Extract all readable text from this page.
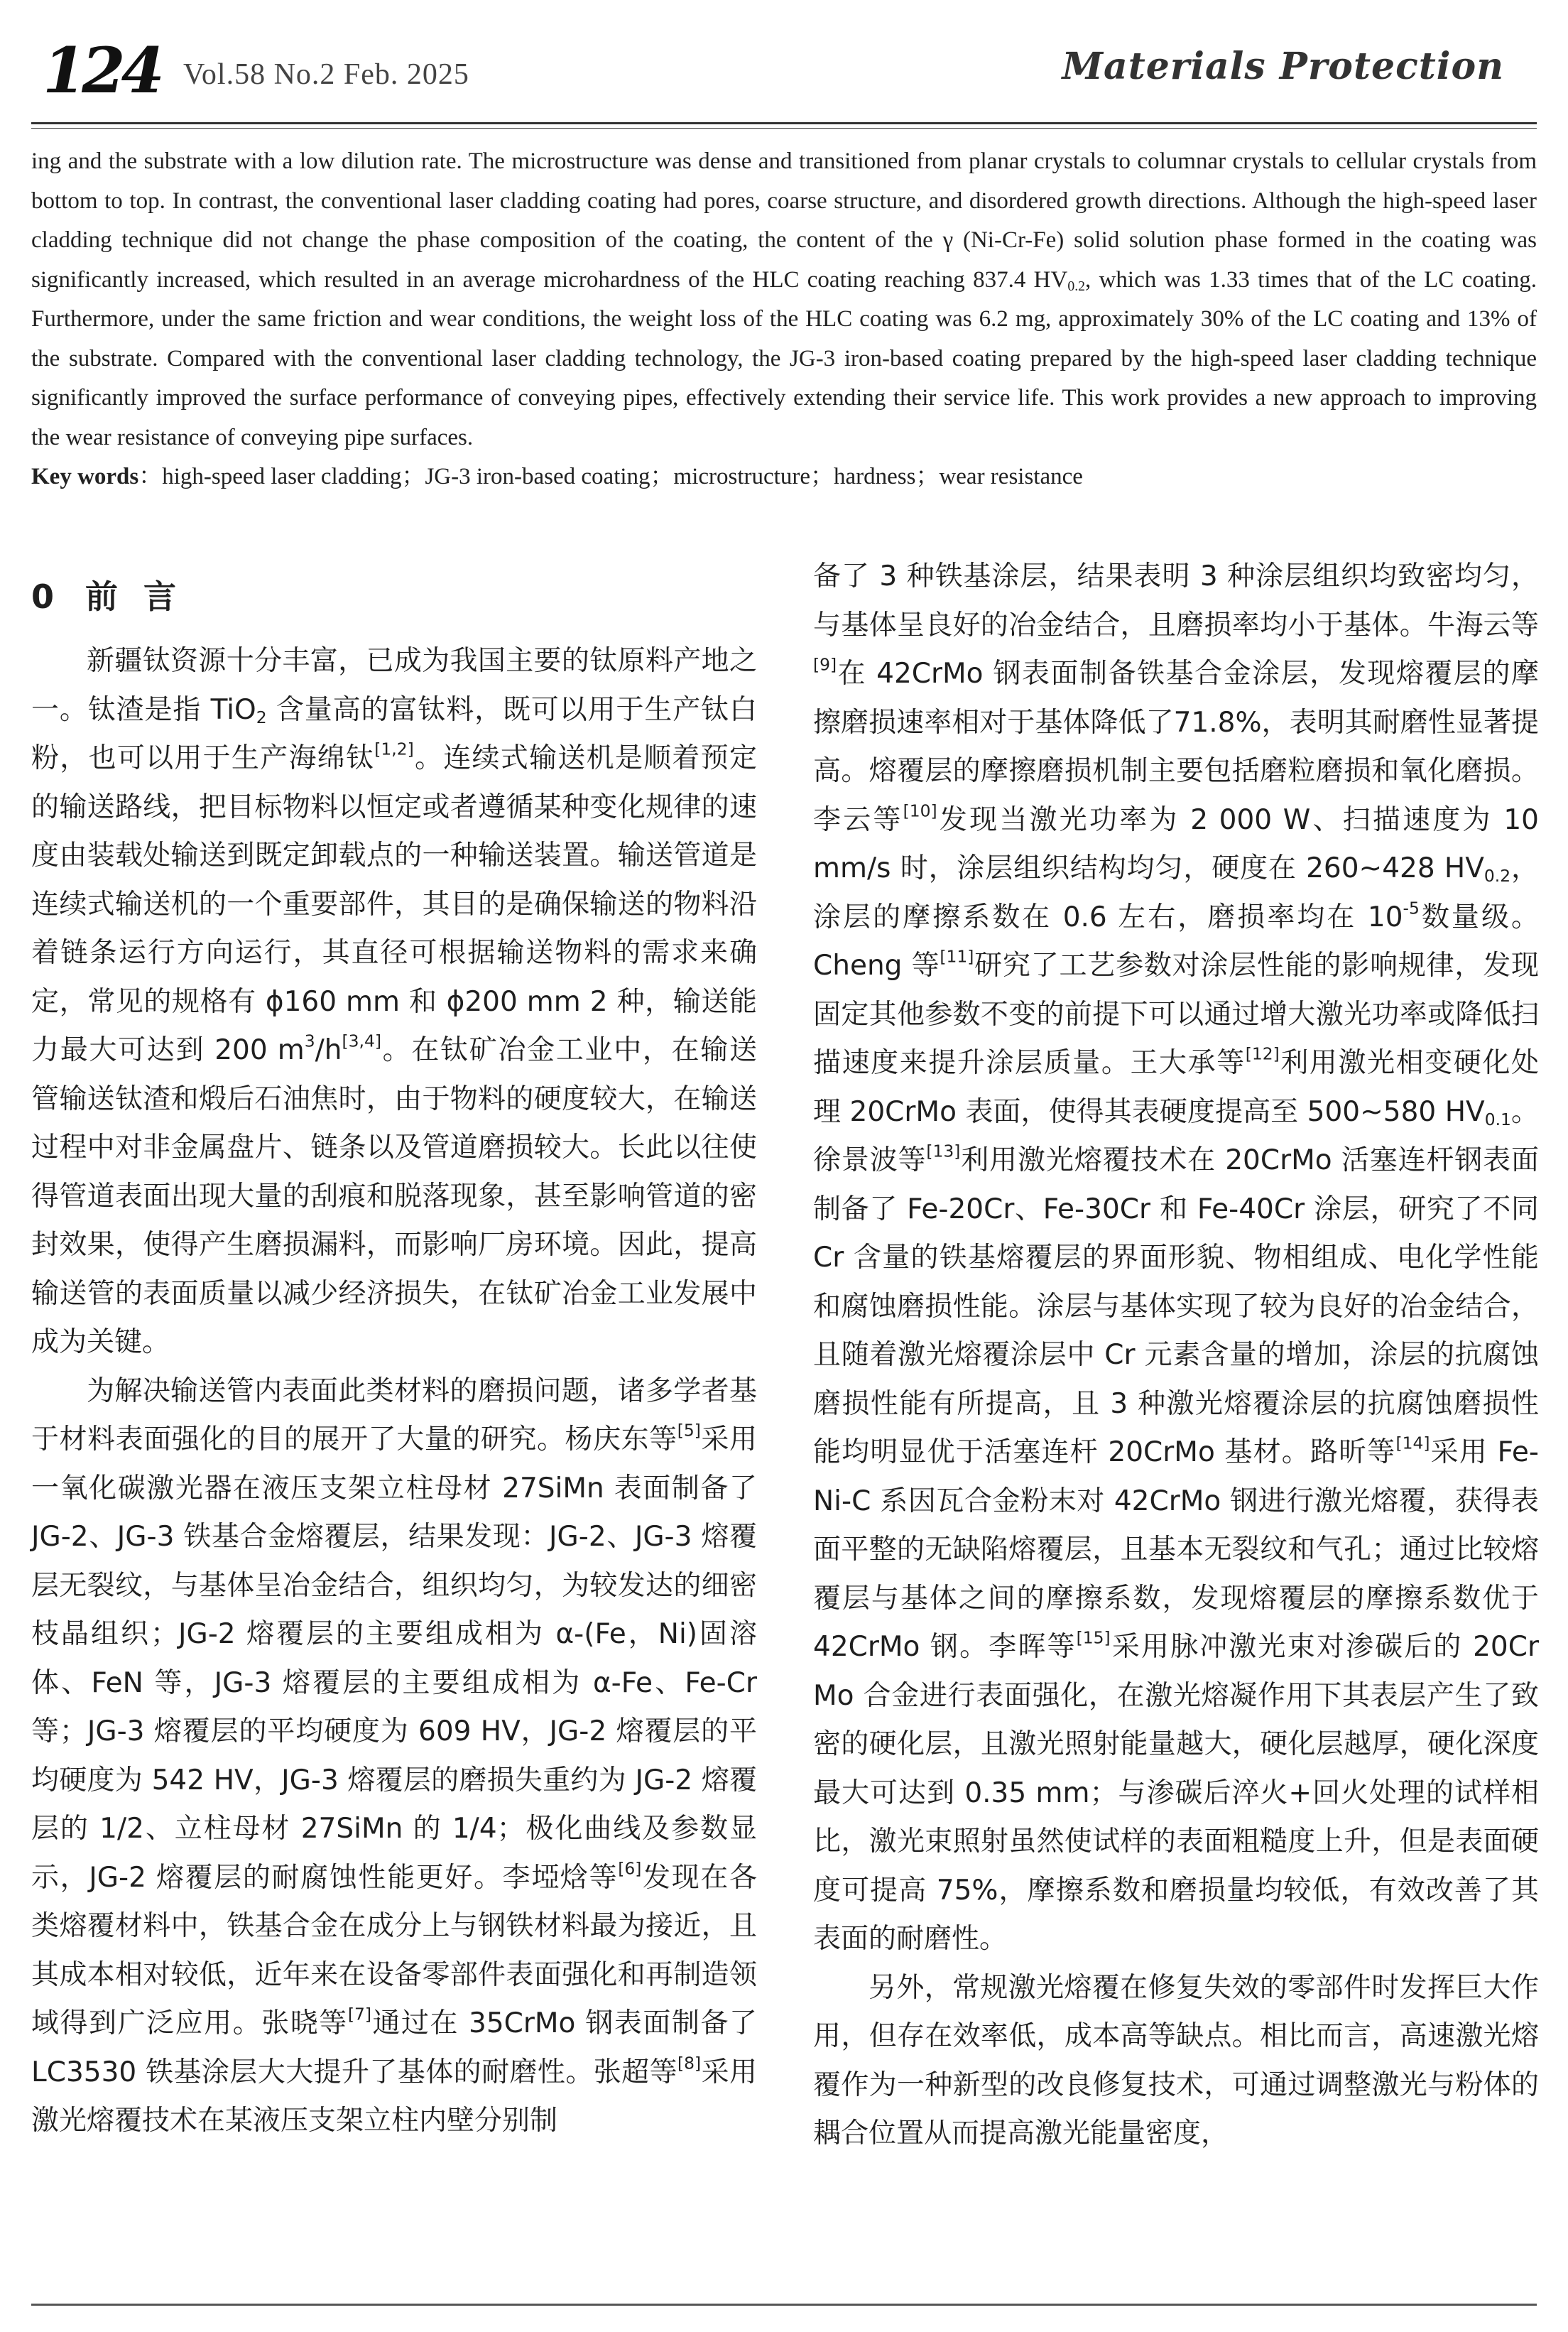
124 Vol.58 No.2 Feb. 2025	Materials Protection

ing and the substrate with a low dilution rate. The microstructure was dense and transitioned from planar crystals to columnar crystals to cellular crystals from bottom to top. In contrast, the conventional laser cladding coating had pores, coarse structure, and disordered growth directions. Although the high-speed laser cladding technique did not change the phase composition of the coating, the content of the γ (Ni-Cr-Fe) solid solution phase formed in the coating was significantly increased, which resulted in an average microhardness of the HLC coating reaching 837.4 $HV_{0.2}$, which was 1.33 times that of the LC coating. Furthermore, under the same friction and wear conditions, the weight loss of the HLC coating was 6.2 mg, approximately 30% of the LC coating and 13% of the substrate. Compared with the conventional laser cladding technology, the JG-3 iron-based coating prepared by the high-speed laser cladding technique significantly improved the surface performance of conveying pipes, effectively extending their service life. This work provides a new approach to improving the wear resistance of conveying pipe surfaces.

Key words：high-speed laser cladding；JG-3 iron-based coating；microstructure；hardness；wear resistance

0 前 言

新疆钛资源十分丰富，已成为我国主要的钛原料产地之一。钛渣是指 TiO$_2$ 含量高的富钛料，既可以用于生产钛白粉，也可以用于生产海绵钛[1,2]。连续式输送机是顺着预定的输送路线，把目标物料以恒定或者遵循某种变化规律的速度由装载处输送到既定卸载点的一种输送装置。输送管道是连续式输送机的一个重要部件，其目的是确保输送的物料沿着链条运行方向运行，其直径可根据输送物料的需求来确定，常见的规格有 ϕ160 mm 和 ϕ200 mm 2 种，输送能力最大可达到 200 $m^3/h[3,4]$。在钛矿冶金工业中，在输送管输送钛渣和煅后石油焦时，由于物料的硬度较大，在输送过程中对非金属盘片、链条以及管道磨损较大。长此以往使得管道表面出现大量的刮痕和脱落现象，甚至影响管道的密封效果，使得产生磨损漏料，而影响厂房环境。因此，提高输送管的表面质量以减少经济损失，在钛矿冶金工业发展中成为关键。

为解决输送管内表面此类材料的磨损问题，诸多学者基于材料表面强化的目的展开了大量的研究。杨庆东等[5]采用一氧化碳激光器在液压支架立柱母材 27SiMn 表面制备了 JG-2、JG-3 铁基合金熔覆层，结果发现：JG-2、JG-3 熔覆层无裂纹，与基体呈冶金结合，组织均匀，为较发达的细密枝晶组织；JG-2 熔覆层的主要组成相为 α-(Fe，Ni)固溶体、FeN 等，JG-3 熔覆层的主要组成相为 α-Fe、Fe-Cr 等；JG-3 熔覆层的平均硬度为 609 HV，JG-2 熔覆层的平均硬度为 542 HV，JG-3 熔覆层的磨损失重约为 JG-2 熔覆层的 1/2、立柱母材 27SiMn 的 1/4；极化曲线及参数显示，JG-2 熔覆层的耐腐蚀性能更好。李埡焓等[6]发现在各类熔覆材料中，铁基合金在成分上与钢铁材料最为接近，且其成本相对较低，近年来在设备零部件表面强化和再制造领域得到广泛应用。张晓等[7]通过在 35CrMo 钢表面制备了 LC3530 铁基涂层大大提升了基体的耐磨性。张超等[8]采用激光熔覆技术在某液压支架立柱内壁分别制

备了 3 种铁基涂层，结果表明 3 种涂层组织均致密均匀，与基体呈良好的冶金结合，且磨损率均小于基体。牛海云等[9]在 42CrMo 钢表面制备铁基合金涂层，发现熔覆层的摩擦磨损速率相对于基体降低了71.8%，表明其耐磨性显著提高。熔覆层的摩擦磨损机制主要包括磨粒磨损和氧化磨损。李云等[10]发现当激光功率为 2 000 W、扫描速度为 10 mm/s 时，涂层组织结构均匀，硬度在 260~428 $HV_{0.2}$，涂层的摩擦系数在 0.6 左右，磨损率均在 $10^{-5}$数量级。Cheng 等[11]研究了工艺参数对涂层性能的影响规律，发现固定其他参数不变的前提下可以通过增大激光功率或降低扫描速度来提升涂层质量。王大承等[12]利用激光相变硬化处理 20CrMo 表面，使得其表硬度提高至 500~580 $HV_{0.1}$。徐景波等[13]利用激光熔覆技术在 20CrMo 活塞连杆钢表面制备了 Fe-20Cr、Fe-30Cr 和 Fe-40Cr 涂层，研究了不同 Cr 含量的铁基熔覆层的界面形貌、物相组成、电化学性能和腐蚀磨损性能。涂层与基体实现了较为良好的冶金结合，且随着激光熔覆涂层中 Cr 元素含量的增加，涂层的抗腐蚀磨损性能有所提高，且 3 种激光熔覆涂层的抗腐蚀磨损性能均明显优于活塞连杆 20CrMo 基材。路昕等[14]采用 Fe-Ni-C 系因瓦合金粉末对 42CrMo 钢进行激光熔覆，获得表面平整的无缺陷熔覆层，且基本无裂纹和气孔；通过比较熔覆层与基体之间的摩擦系数，发现熔覆层的摩擦系数优于 42CrMo 钢。李晖等[15]采用脉冲激光束对渗碳后的 20Cr Mo 合金进行表面强化，在激光熔凝作用下其表层产生了致密的硬化层，且激光照射能量越大，硬化层越厚，硬化深度最大可达到 0.35 mm；与渗碳后淬火+回火处理的试样相比，激光束照射虽然使试样的表面粗糙度上升，但是表面硬度可提高 75%，摩擦系数和磨损量均较低，有效改善了其表面的耐磨性。

另外，常规激光熔覆在修复失效的零部件时发挥巨大作用，但存在效率低，成本高等缺点。相比而言，高速激光熔覆作为一种新型的改良修复技术，可通过调整激光与粉体的耦合位置从而提高激光能量密度，
